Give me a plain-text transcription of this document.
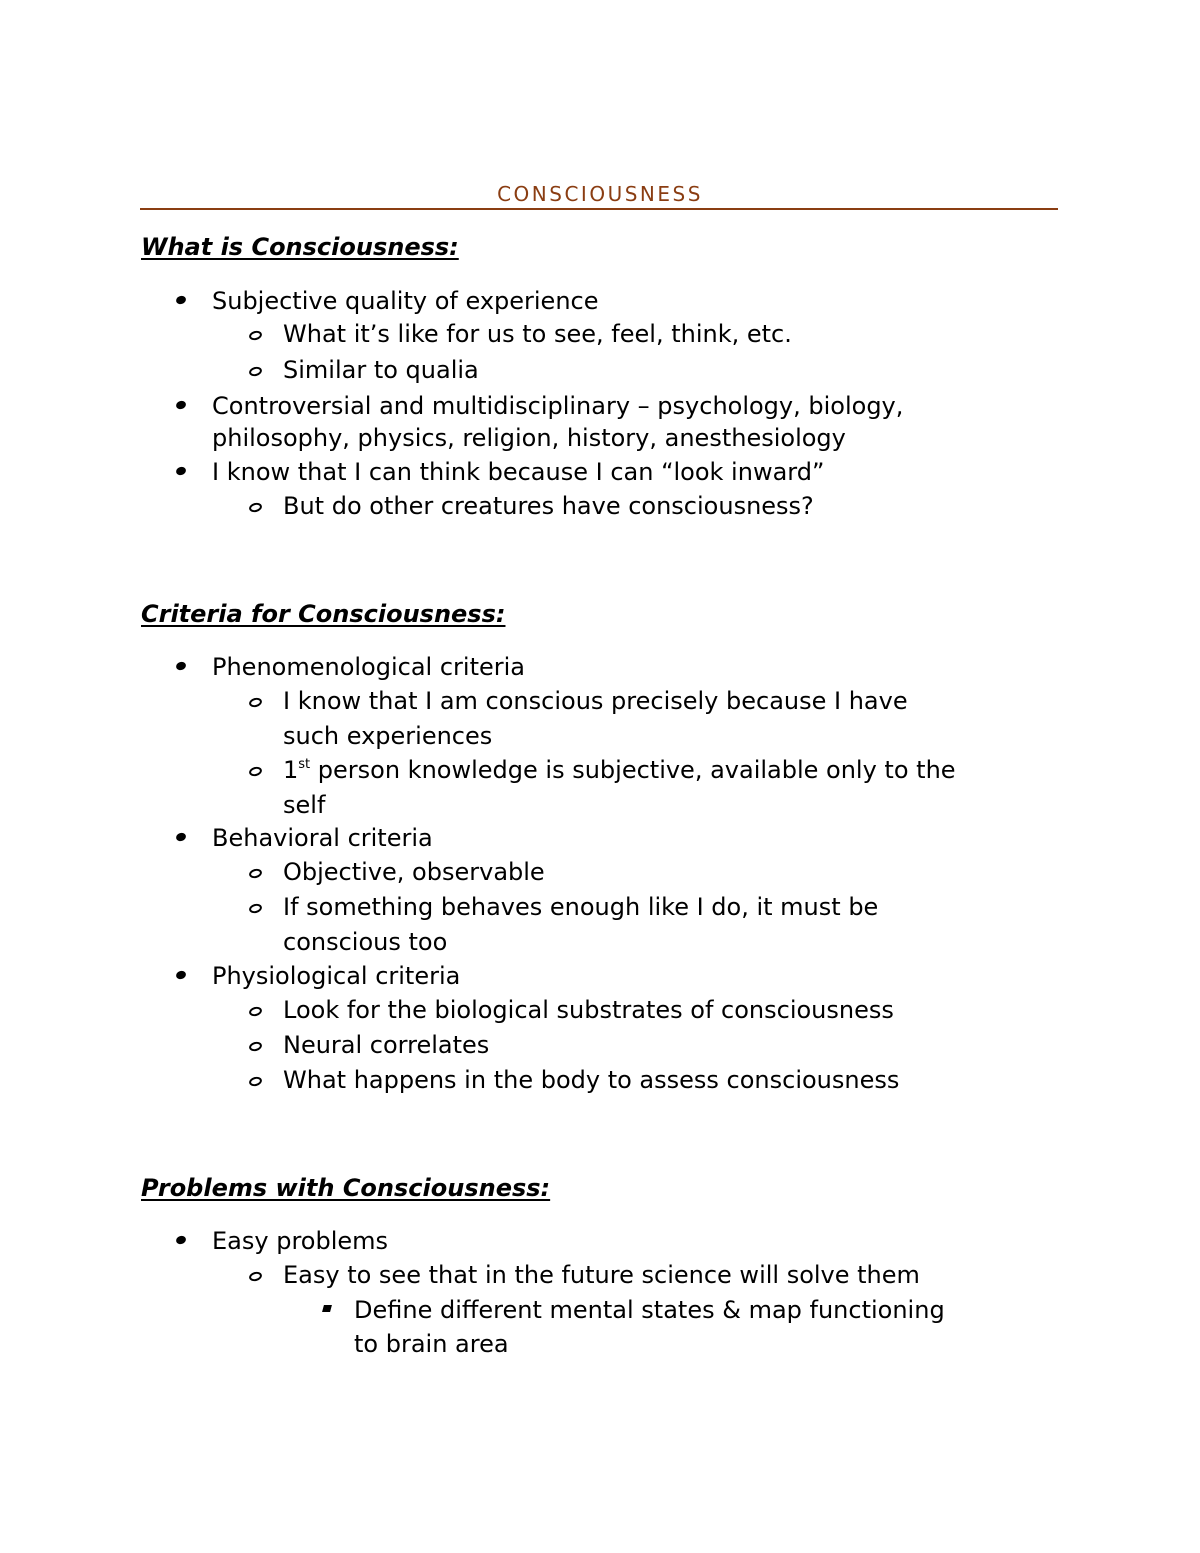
CONSCIOUSNESS
What is Consciousness:
Subjective quality of experience
What it’s like for us to see, feel, think, etc.
Similar to qualia
Controversial and multidisciplinary – psychology, biology,
philosophy, physics, religion, history, anesthesiology
I know that I can think because I can “look inward”
But do other creatures have consciousness?
Criteria for Consciousness:
Phenomenological criteria
I know that I am conscious precisely because I have
such experiences
1st person knowledge is subjective, available only to the
self
Behavioral criteria
Objective, observable
If something behaves enough like I do, it must be
conscious too
Physiological criteria
Look for the biological substrates of consciousness
Neural correlates
What happens in the body to assess consciousness
Problems with Consciousness:
Easy problems
Easy to see that in the future science will solve them
Define different mental states & map functioning
to brain area
